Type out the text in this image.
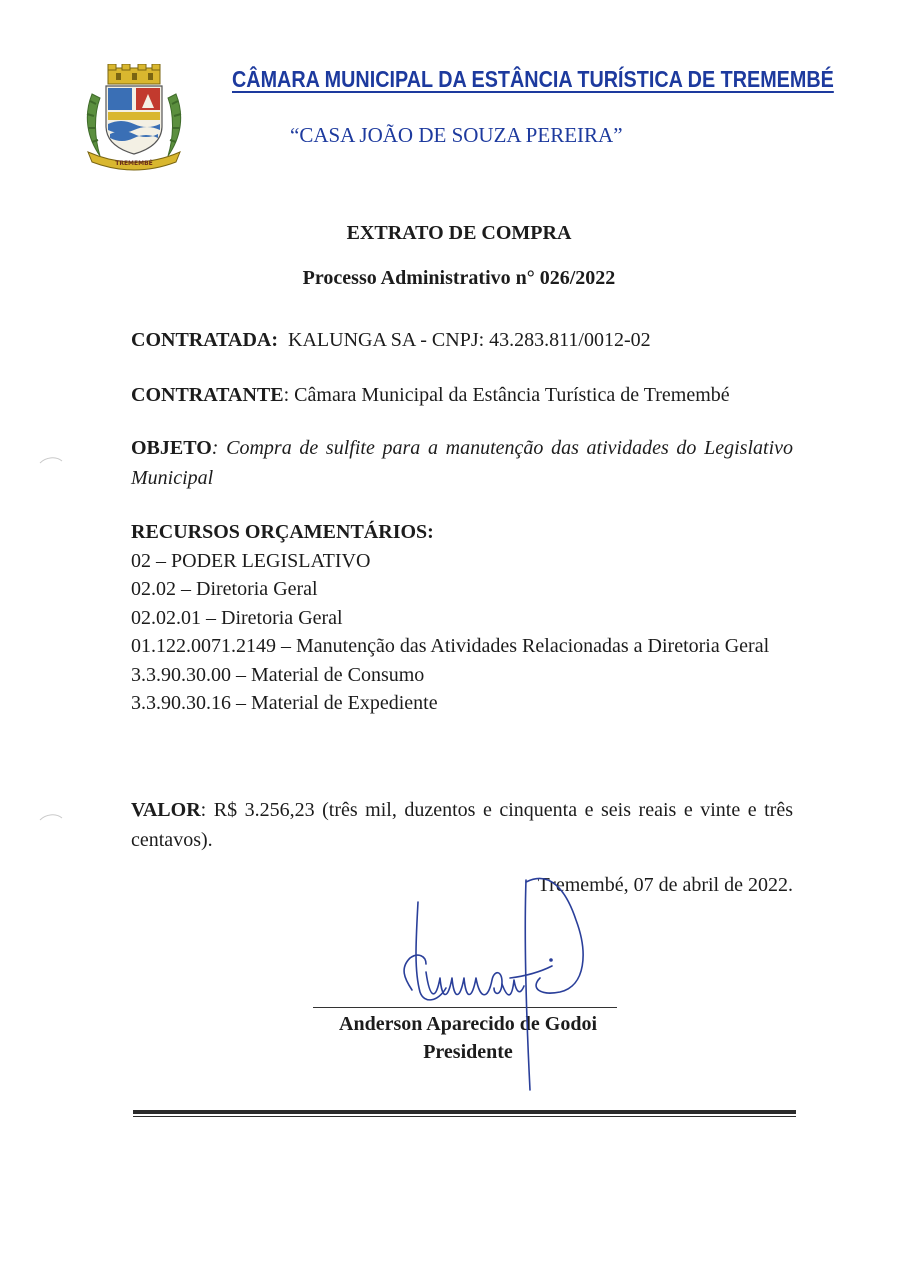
TREMEMBÉ
CÂMARA MUNICIPAL DA ESTÂNCIA TURÍSTICA DE TREMEMBÉ
“CASA JOÃO DE SOUZA PEREIRA”
EXTRATO DE COMPRA
Processo Administrativo n° 026/2022
CONTRATADA: KALUNGA SA - CNPJ: 43.283.811/0012-02
CONTRATANTE: Câmara Municipal da Estância Turística de Tremembé
OBJETO: Compra de sulfite para a manutenção das atividades do Legislativo Municipal
RECURSOS ORÇAMENTÁRIOS:
02 – PODER LEGISLATIVO
02.02 – Diretoria Geral
02.02.01 – Diretoria Geral
01.122.0071.2149 – Manutenção das Atividades Relacionadas a Diretoria Geral
3.3.90.30.00 – Material de Consumo
3.3.90.30.16 – Material de Expediente
VALOR: R$ 3.256,23 (três mil, duzentos e cinquenta e seis reais e vinte e três centavos).
Tremembé, 07 de abril de 2022.
Anderson Aparecido de Godoi
Presidente
